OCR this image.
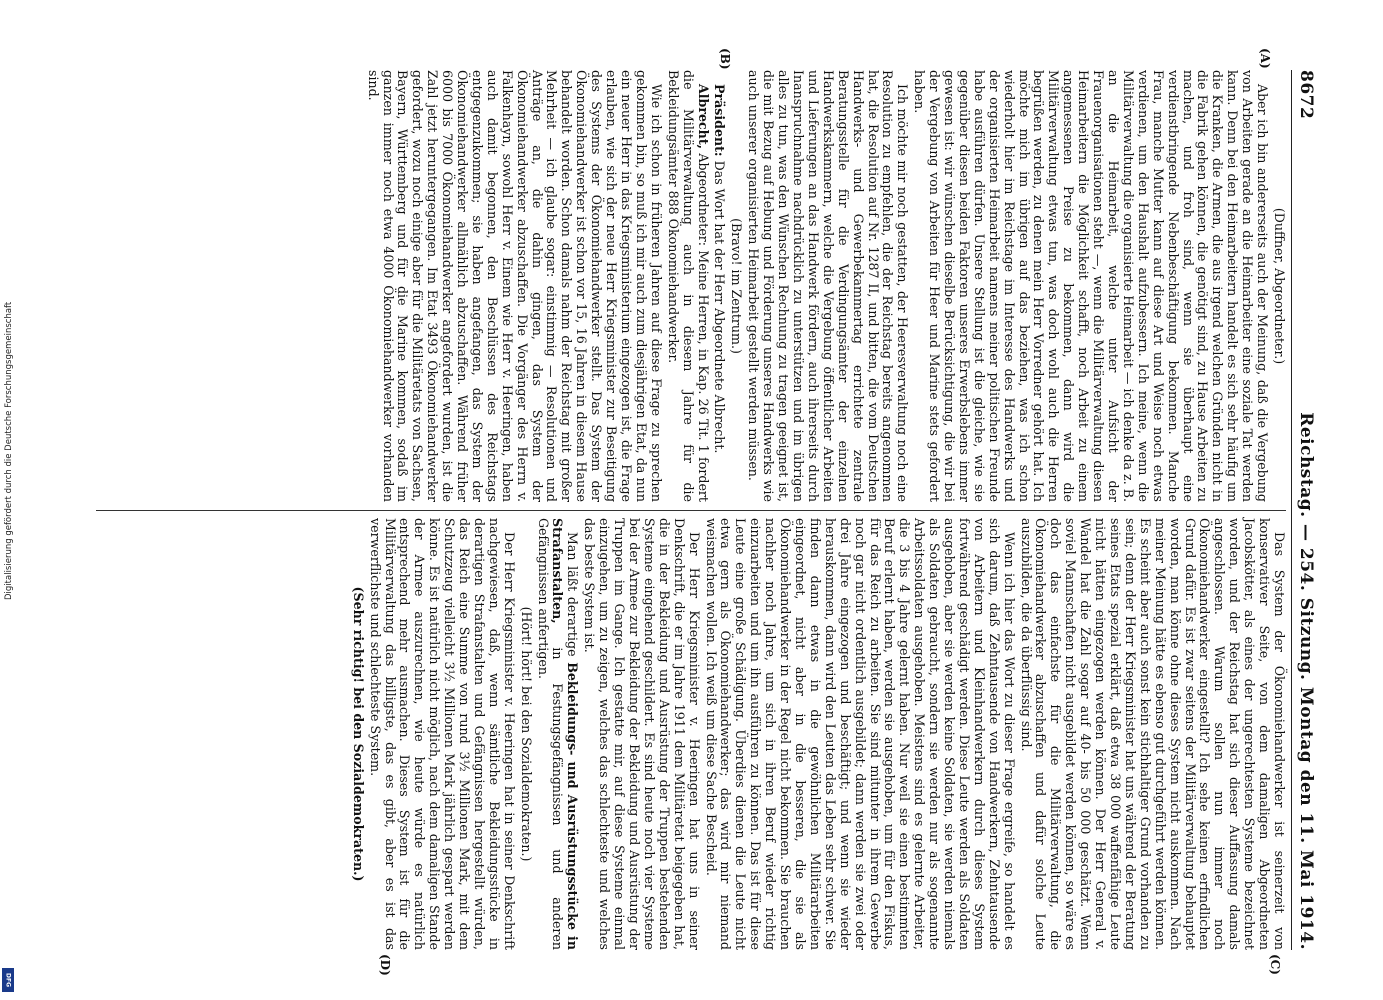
8672
Reichstag. — 254. Sitzung. Montag den 11. Mai 1914.

(Duffner, Abgeordneter.)

Aber ich bin andererseits auch der Meinung, daß die Vergebung von Arbeiten gerade an die Heimarbeiter eine soziale Tat werden kann. Denn bei den Heimarbeitern handelt es sich sehr häufig um die Kranken, die Armen, die aus irgend welchen Gründen nicht in die Fabrik gehen können, die genötigt sind, zu Hause Arbeiten zu machen, und froh sind, wenn sie überhaupt eine verdienstbringende Nebenbeschäftigung bekommen. Manche Frau, manche Mutter kann auf diese Art und Weise noch etwas verdienen, um den Haushalt aufzubessern. Ich meine, wenn die Militärverwaltung die organisierte Heimarbeit — ich denke da z. B. an die Heimarbeit, welche unter Aufsicht der Frauenorganisationen steht —, wenn die Militärverwaltung diesen Heimarbeitern die Möglichkeit schafft, noch Arbeit zu einem angemessenen Preise zu bekommen, dann wird die Militärverwaltung etwas tun, was doch wohl auch die Herren begrüßen werden, zu denen mein Herr Vorredner gehört hat. Ich möchte mich im übrigen auf das beziehen, was ich schon wiederholt hier im Reichstage im Interesse des Handwerks und der organisierten Heimarbeit namens meiner politischen Freunde habe ausführen dürfen. Unsere Stellung ist die gleiche, wie sie gegenüber diesen beiden Faktoren unseres Erwerbslebens immer gewesen ist: wir wünschen dieselbe Berücksichtigung, die wir bei der Vergebung von Arbeiten für Heer und Marine stets gefordert haben.

Ich möchte mir noch gestatten, der Heeresverwaltung noch eine Resolution zu empfehlen, die der Reichstag bereits angenommen hat, die Resolution auf Nr. 1287 II, und bitten, die vom Deutschen Handwerks- und Gewerbekammertag errichtete zentrale Beratungsstelle für die Verdingungsämter der einzelnen Handwerkskammern, welche die Vergebung öffentlicher Arbeiten und Lieferungen an das Handwerk fördern, auch ihrerseits durch Inanspruchnahme nachdrücklich zu unterstützen und im übrigen alles zu tun, was den Wünschen Rechnung zu tragen geeignet ist, die mit Bezug auf Hebung und Förderung unseres Handwerks wie auch unserer organisierten Heimarbeit gestellt werden müssen.

(Bravo! im Zentrum.)

Präsident: Das Wort hat der Herr Abgeordnete Albrecht.

Albrecht, Abgeordneter: Meine Herren, in Kap. 26 Tit. 1 fordert die Militärverwaltung auch in diesem Jahre für die Bekleidungsämter 888 Ökonomiehandwerker.

Wie ich schon in früheren Jahren auf diese Frage zu sprechen gekommen bin, so muß ich mir auch zum diesjährigen Etat, da nun ein neuer Herr in das Kriegsministerium eingezogen ist, die Frage erlauben, wie sich der neue Herr Kriegsminister zur Beseitigung des Systems der Ökonomiehandwerker stellt. Das System der Ökonomiehandwerker ist schon vor 15, 16 Jahren in diesem Hause behandelt worden. Schon damals nahm der Reichstag mit großer Mehrheit — ich glaube sogar: einstimmig — Resolutionen und Anträge an, die dahin gingen, das System der Ökonomiehandwerker abzuschaffen. Die Vorgänger des Herrn v. Falkenhayn, sowohl Herr v. Einem wie Herr v. Heeringen, haben auch damit begonnen, den Beschlüssen des Reichstags entgegenzukommen; sie haben angefangen, das System der Ökonomiehandwerker allmählich abzuschaffen. Während früher 6000 bis 7000 Ökonomiehandwerker angefordert wurden, ist die Zahl jetzt heruntergegangen. Im Etat 3493 Ökonomiehandwerker gefordert, wozu noch einige aber für die Militäretats von Sachsen, Bayern, Württemberg und für die Marine kommen, sodaß im ganzen immer noch etwa 4000 Ökonomiehandwerker vorhanden sind.

Das System der Ökonomiehandwerker ist seinerzeit von konservativer Seite, von dem damaligen Abgeordneten Jacobskötter, als eines der ungerechtesten Systeme bezeichnet worden, und der Reichstag hat sich dieser Auffassung damals angeschlossen. Warum sollen nun immer noch Ökonomiehandwerker eingestellt? Ich sehe keinen erfindlichen Grund dafür. Es ist zwar seitens der Militärverwaltung behauptet worden, man könne ohne dieses System nicht auskommen. Nach meiner Meinung hätte es ebenso gut durchgeführt werden können. Es scheint aber auch sonst kein stichhaltiger Grund vorhanden zu sein; denn der Herr Kriegsminister hat uns während der Beratung seines Etats spezial erklärt, daß etwa 38 000 waffenfähige Leute nicht hätten eingezogen werden können. Der Herr General v. Wandel hat die Zahl sogar auf 40- bis 50 000 geschätzt. Wenn soviel Mannschaften nicht ausgebildet werden können, so wäre es doch das einfachste für die Militärverwaltung, die Ökonomiehandwerker abzuschaffen und dafür solche Leute auszubilden, die da überflüssig sind.

Wenn ich hier das Wort zu dieser Frage ergreife, so handelt es sich darum, daß Zehntausende von Handwerkern, Zehntausende von Arbeitern und Kleinhandwerkern durch dieses System fortwährend geschädigt werden. Diese Leute werden als Soldaten ausgehoben, aber sie werden keine Soldaten, sie werden niemals als Soldaten gebraucht, sondern sie werden nur als sogenannte Arbeitssoldaten ausgehoben. Meistens sind es gelernte Arbeiter, die 3 bis 4 Jahre gelernt haben. Nur weil sie einen bestimmten Beruf erlernt haben, werden sie ausgehoben, um für den Fiskus, für das Reich zu arbeiten. Sie sind mitunter in ihrem Gewerbe noch gar nicht ordentlich ausgebildet; dann werden sie zwei oder drei Jahre eingezogen und beschäftigt; und wenn sie wieder herauskommen, dann wird den Leuten das Leben sehr schwer. Sie finden dann etwas in die gewöhnlichen Militärarbeiten eingeordnet, nicht aber in die besseren, die sie als Ökonomiehandwerker in der Regel nicht bekommen. Sie brauchen nachher noch Jahre, um sich in ihren Beruf wieder richtig einzuarbeiten und um ihn ausführen zu können. Das ist für diese Leute eine große Schädigung. Überdies dienen die Leute nicht etwa gern als Ökonomiehandwerker; das wird mir niemand weismachen wollen. Ich weiß um diese Sache Bescheid.

Der Herr Kriegsminister v. Heeringen hat uns in seiner Denkschrift, die er im Jahre 1911 dem Militäretat beigegeben hat, die in der Bekleidung und Ausrüstung der Truppen bestehenden Systeme eingehend geschildert. Es sind heute noch vier Systeme bei der Armee zur Bekleidung der Bekleidung und Ausrüstung der Truppen im Gange. Ich gestatte mir, auf diese Systeme einmal einzugehen, um zu zeigen, welches das schlechteste und welches das beste System ist.

Man läßt derartige Bekleidungs- und Ausrüstungsstücke in Strafanstalten, in Festungsgefängnissen und anderen Gefängnissen anfertigen.

(Hört! hört! bei den Sozialdemokraten.)

Der Herr Kriegsminister v. Heeringen hat in seiner Denkschrift nachgewiesen, daß, wenn sämtliche Bekleidungsstücke in derartigen Strafanstalten und Gefängnissen hergestellt würden, das Reich eine Summe von rund 3½ Millionen Mark, mit dem Schutzzeug vielleicht 3½ Millionen Mark jährlich gespart werden könne. Es ist natürlich nicht möglich, nach dem damaligen Stande der Armee auszurechnen, wie heute würde es natürlich entsprechend mehr ausmachen. Dieses System ist für die Militärverwaltung das billigste, das es gibt, aber es ist das verwerflichste und schlechteste System.

(Sehr richtig! bei den Sozialdemokraten.)

(A)
(B)
(C)
(D)
Digitalisierung gefördert durch die Deutsche Forschungsgemeinschaft
DFG
